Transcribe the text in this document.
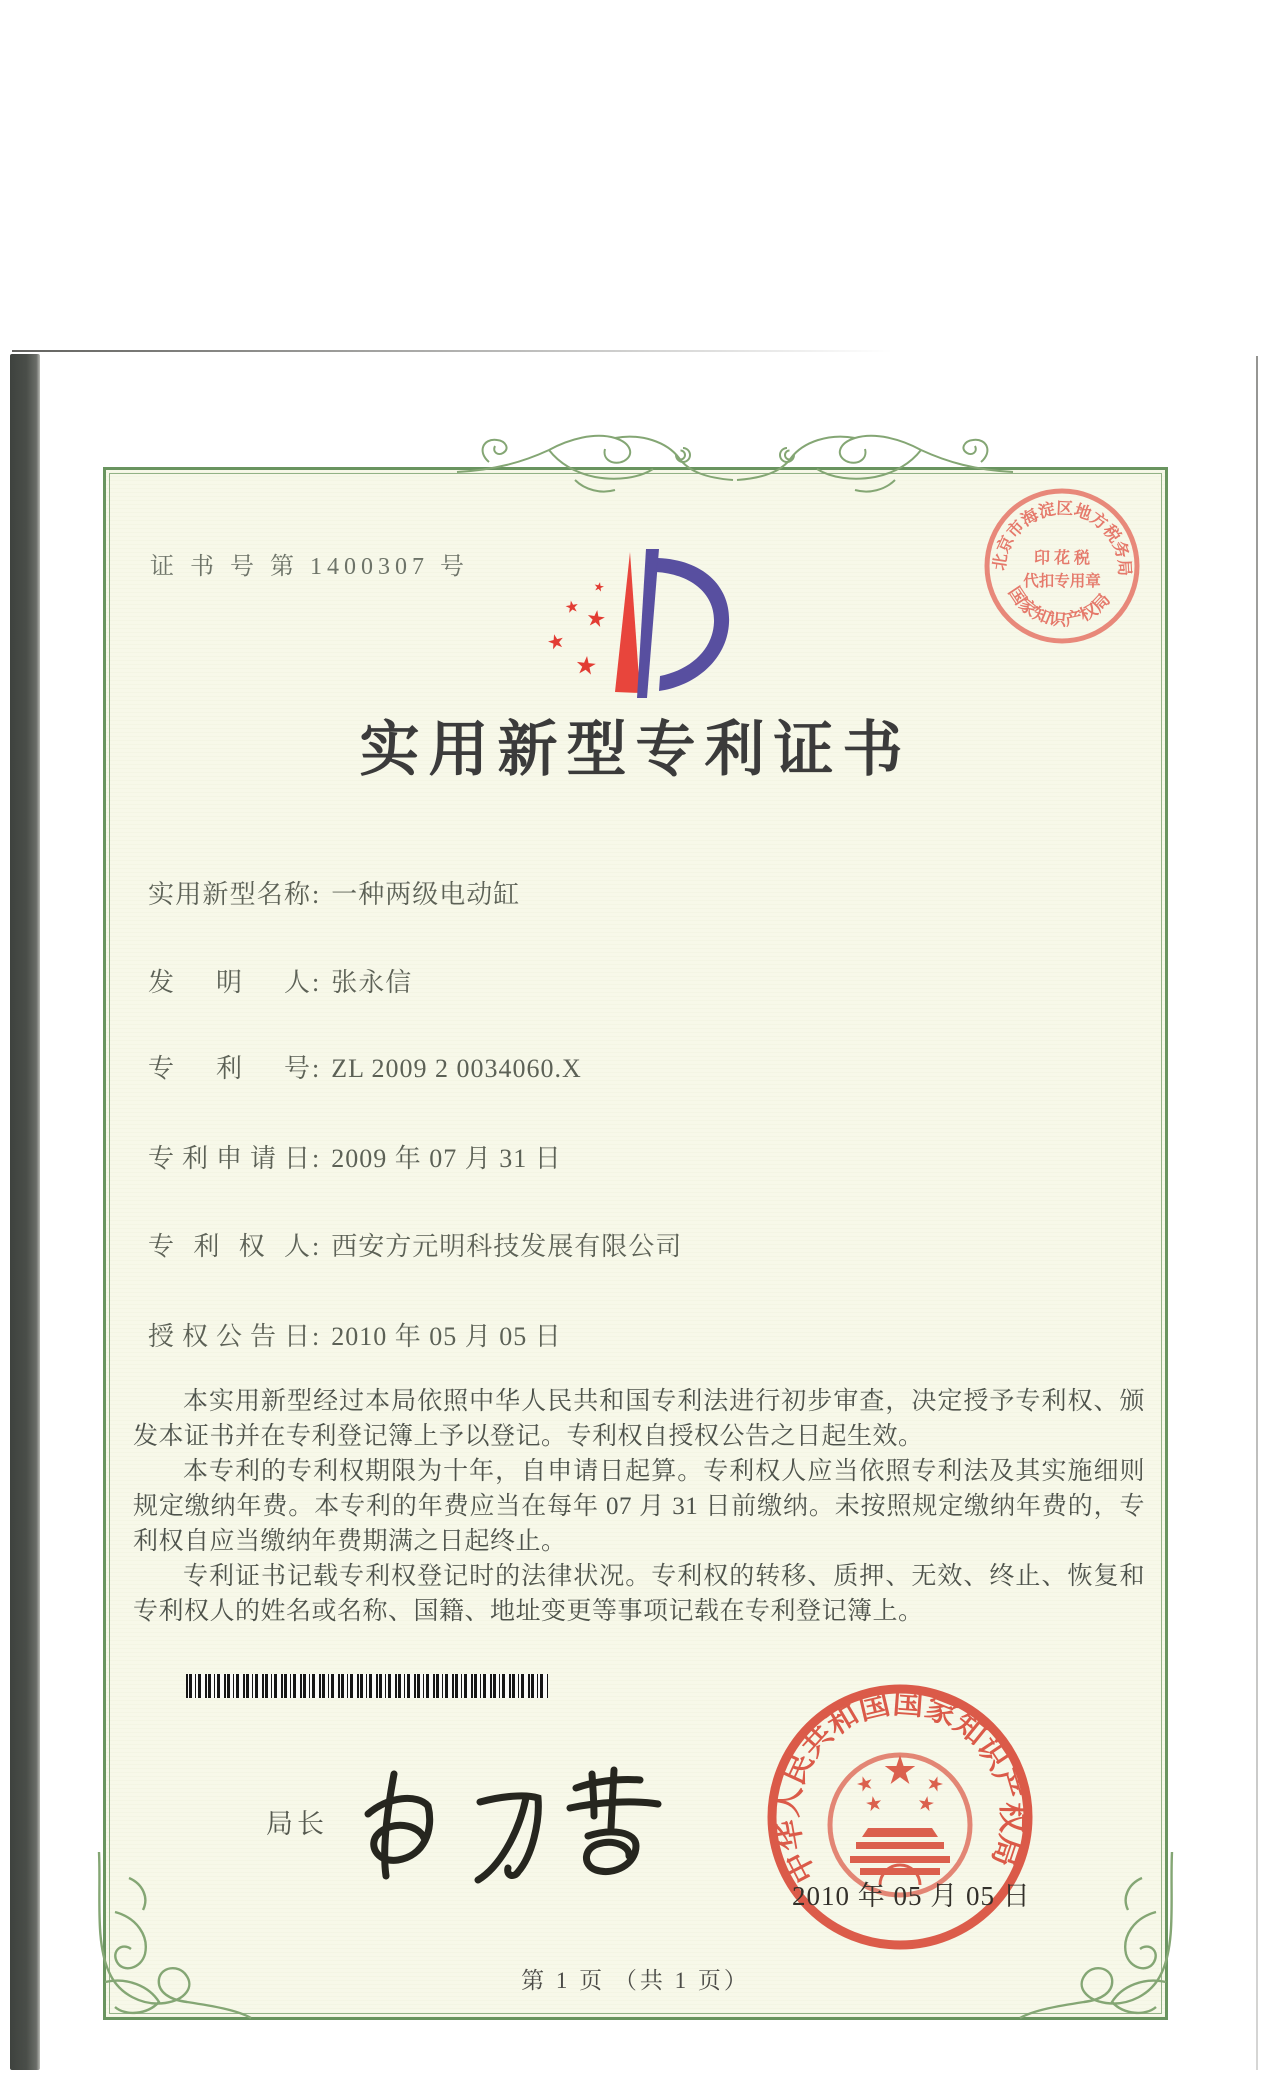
证 书 号 第 1400307 号	北京市海淀区地方税务局
国家知识产权局
印 花 税
代扣专用章
实用新型专利证书
实用新型名称: 一种两级电动缸
发明人: 张永信
专利号: ZL 2009 2 0034060.X
专利申请日: 2009 年 07 月 31 日
专利权人: 西安方元明科技发展有限公司
授权公告日: 2010 年 05 月 05 日

本实用新型经过本局依照中华人民共和国专利法进行初步审查，决定授予专利权、颁发本证书并在专利登记簿上予以登记。专利权自授权公告之日起生效。

本专利的专利权期限为十年，自申请日起算。专利权人应当依照专利法及其实施细则规定缴纳年费。本专利的年费应当在每年 07 月 31 日前缴纳。未按照规定缴纳年费的，专利权自应当缴纳年费期满之日起终止。

专利证书记载专利权登记时的法律状况。专利权的转移、质押、无效、终止、恢复和专利权人的姓名或名称、国籍、地址变更等事项记载在专利登记簿上。

局长
中华人民共和国国家知识产权局
2010 年 05 月 05 日
第 1 页 （共 1 页）
